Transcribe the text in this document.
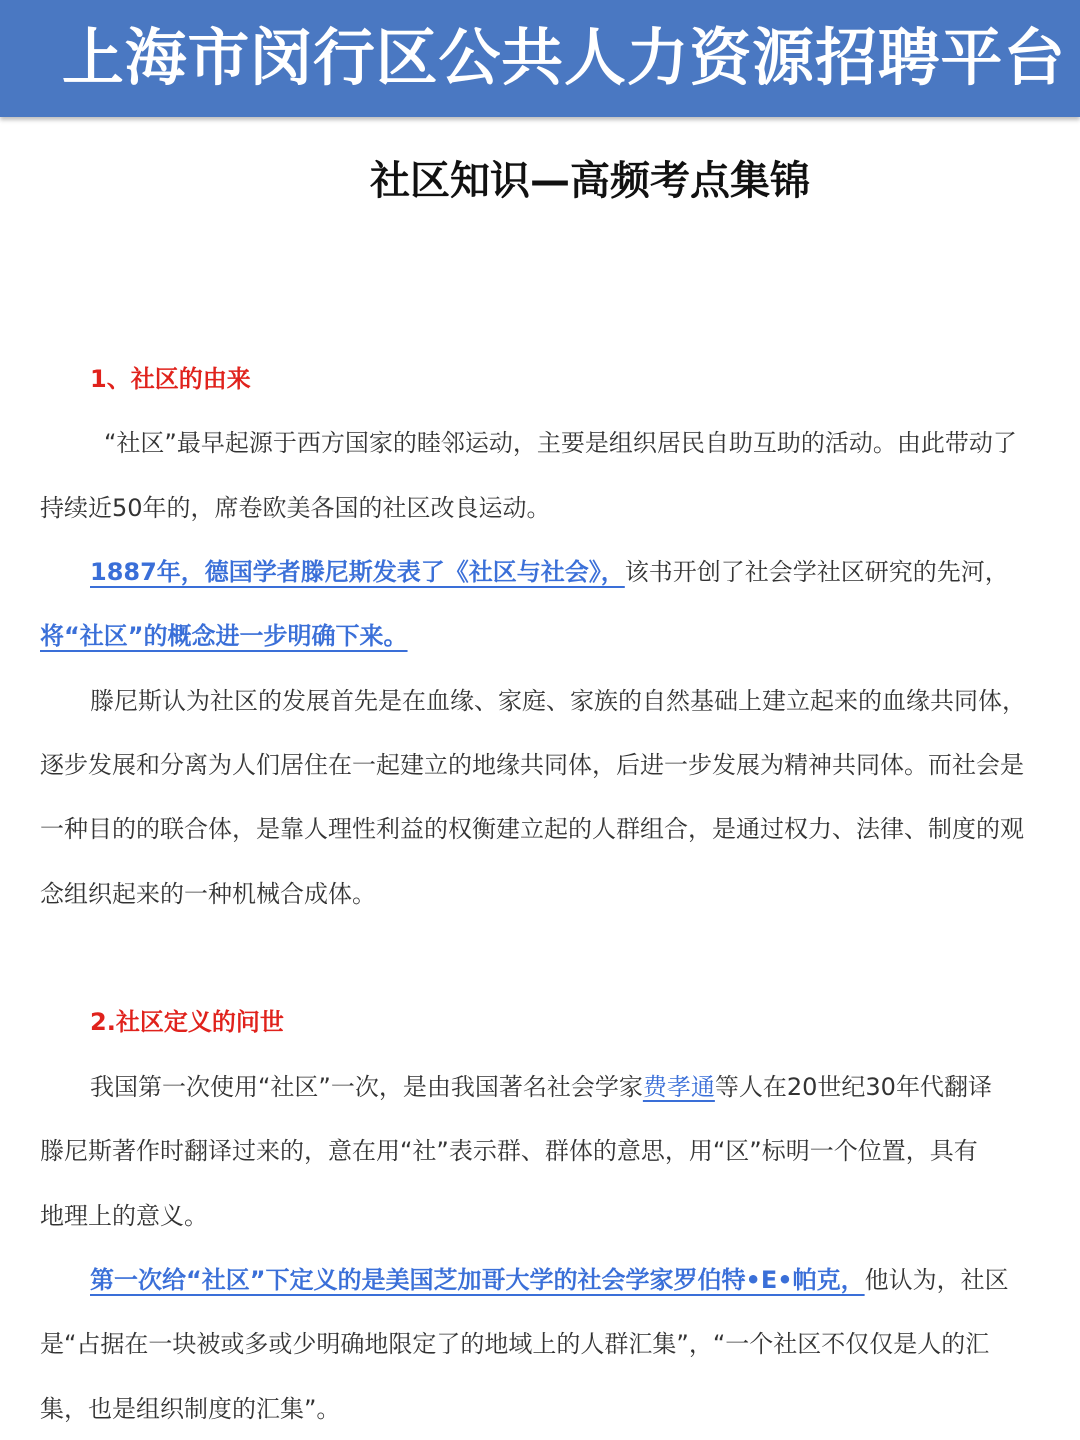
上海市闵行区公共人力资源招聘平台
社区知识—高频考点集锦
1、社区的由来
“社区”最早起源于西方国家的睦邻运动，主要是组织居民自助互助的活动。由此带动了
持续近50年的，席卷欧美各国的社区改良运动。
1887年，德国学者滕尼斯发表了《社区与社会》，该书开创了社会学社区研究的先河，
将“社区”的概念进一步明确下来。
滕尼斯认为社区的发展首先是在血缘、家庭、家族的自然基础上建立起来的血缘共同体，
逐步发展和分离为人们居住在一起建立的地缘共同体，后进一步发展为精神共同体。而社会是
一种目的的联合体，是靠人理性利益的权衡建立起的人群组合，是通过权力、法律、制度的观
念组织起来的一种机械合成体。
2.社区定义的问世
我国第一次使用“社区”一次，是由我国著名社会学家费孝通等人在20世纪30年代翻译
滕尼斯著作时翻译过来的，意在用“社”表示群、群体的意思，用“区”标明一个位置，具有
地理上的意义。
第一次给“社区”下定义的是美国芝加哥大学的社会学家罗伯特•E•帕克，他认为，社区
是“占据在一块被或多或少明确地限定了的地域上的人群汇集”，“一个社区不仅仅是人的汇
集，也是组织制度的汇集”。
